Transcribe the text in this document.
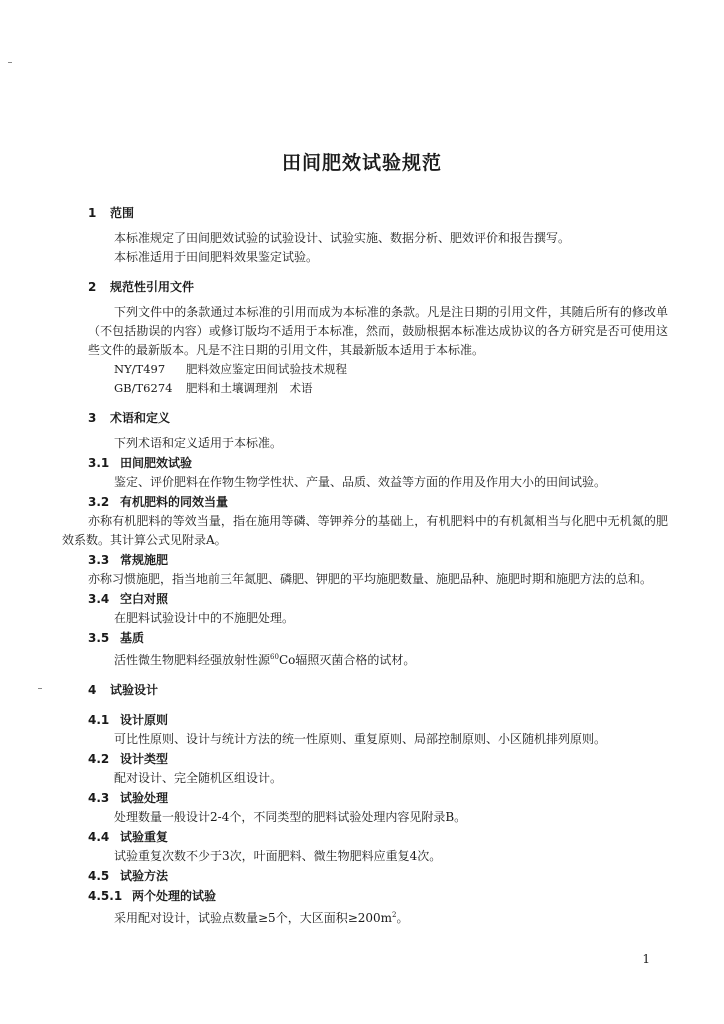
田间肥效试验规范
1 范围
本标准规定了田间肥效试验的试验设计、试验实施、数据分析、肥效评价和报告撰写。
本标准适用于田间肥料效果鉴定试验。
2 规范性引用文件
下列文件中的条款通过本标准的引用而成为本标准的条款。凡是注日期的引用文件，其随后所有的修改单（不包括勘误的内容）或修订版均不适用于本标准，然而，鼓励根据本标准达成协议的各方研究是否可使用这些文件的最新版本。凡是不注日期的引用文件，其最新版本适用于本标准。
NY/T497 肥料效应鉴定田间试验技术规程
GB/T6274 肥料和土壤调理剂　术语
3 术语和定义
下列术语和定义适用于本标准。
3.1 田间肥效试验
鉴定、评价肥料在作物生物学性状、产量、品质、效益等方面的作用及作用大小的田间试验。
3.2 有机肥料的同效当量
亦称有机肥料的等效当量，指在施用等磷、等钾养分的基础上，有机肥料中的有机氮相当与化肥中无机氮的肥效系数。其计算公式见附录A。
3.3 常规施肥
亦称习惯施肥，指当地前三年氮肥、磷肥、钾肥的平均施肥数量、施肥品种、施肥时期和施肥方法的总和。
3.4 空白对照
在肥料试验设计中的不施肥处理。
3.5 基质
活性微生物肥料经强放射性源$^{60}$Co辐照灭菌合格的试材。
4 试验设计
4.1 设计原则
可比性原则、设计与统计方法的统一性原则、重复原则、局部控制原则、小区随机排列原则。
4.2 设计类型
配对设计、完全随机区组设计。
4.3 试验处理
处理数量一般设计2-4个，不同类型的肥料试验处理内容见附录B。
4.4 试验重复
试验重复次数不少于3次，叶面肥料、微生物肥料应重复4次。
4.5 试验方法
4.5.1 两个处理的试验
采用配对设计，试验点数量≥5个，大区面积$\ge 200m^2$。
1
